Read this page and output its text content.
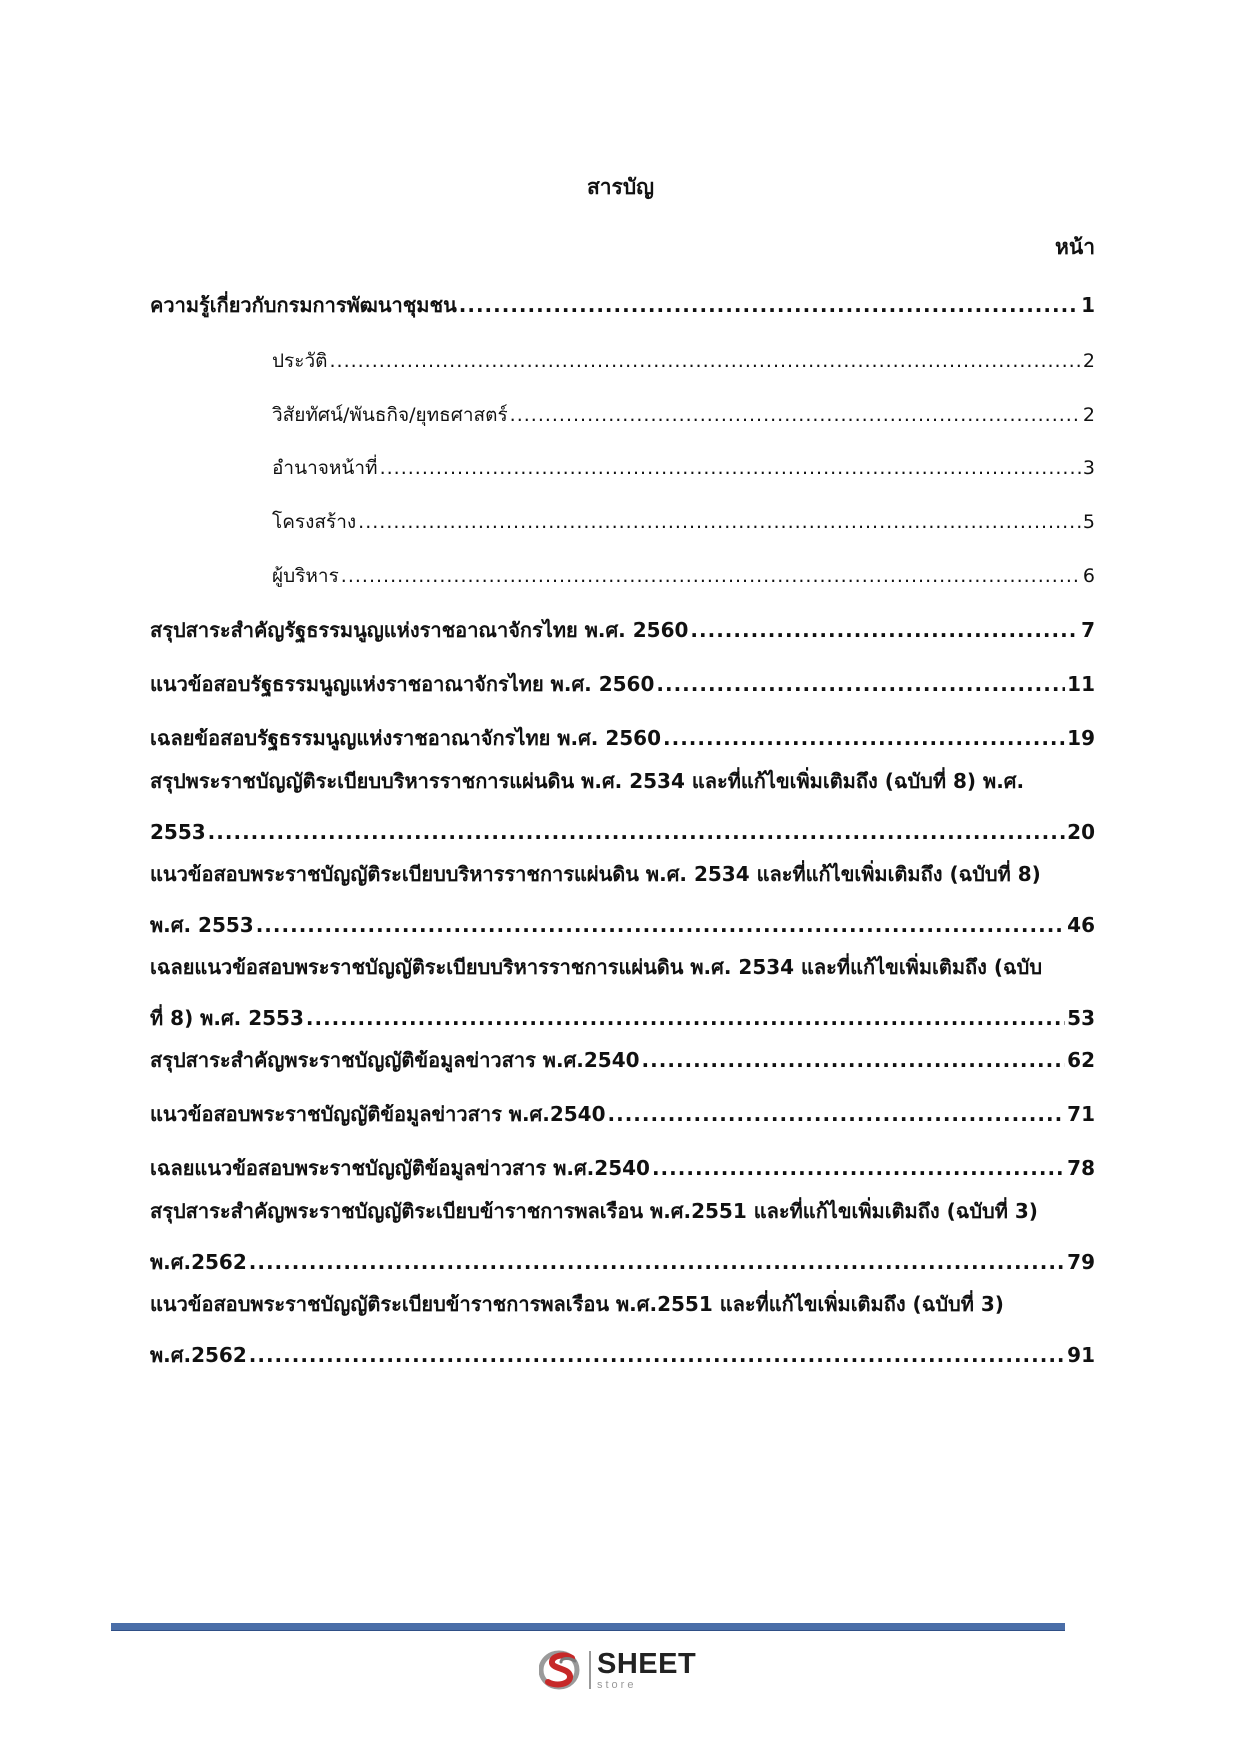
สารบัญ
หน้า
ความรู้เกี่ยวกับกรมการพัฒนาชุมชน .....	1
ประวัติ .....	2
วิสัยทัศน์/พันธกิจ/ยุทธศาสตร์ .....	2
อำนาจหน้าที่ .....	3
โครงสร้าง .....	5
ผู้บริหาร .....	6
สรุปสาระสำคัญรัฐธรรมนูญแห่งราชอาณาจักรไทย พ.ศ. 2560 .....	7
แนวข้อสอบรัฐธรรมนูญแห่งราชอาณาจักรไทย พ.ศ. 2560 .....	11
เฉลยข้อสอบรัฐธรรมนูญแห่งราชอาณาจักรไทย พ.ศ. 2560 .....	19
สรุปพระราชบัญญัติระเบียบบริหารราชการแผ่นดิน พ.ศ. 2534 และที่แก้ไขเพิ่มเติมถึง (ฉบับที่ 8) พ.ศ.
2553 .....	20
แนวข้อสอบพระราชบัญญัติระเบียบบริหารราชการแผ่นดิน พ.ศ. 2534 และที่แก้ไขเพิ่มเติมถึง (ฉบับที่ 8)
พ.ศ. 2553 .....	46
เฉลยแนวข้อสอบพระราชบัญญัติระเบียบบริหารราชการแผ่นดิน พ.ศ. 2534 และที่แก้ไขเพิ่มเติมถึง (ฉบับ
ที่ 8) พ.ศ. 2553 .....	53
สรุปสาระสำคัญพระราชบัญญัติข้อมูลข่าวสาร พ.ศ.2540 .....	62
แนวข้อสอบพระราชบัญญัติข้อมูลข่าวสาร พ.ศ.2540 .....	71
เฉลยแนวข้อสอบพระราชบัญญัติข้อมูลข่าวสาร พ.ศ.2540 .....	78
สรุปสาระสำคัญพระราชบัญญัติระเบียบข้าราชการพลเรือน พ.ศ.2551 และที่แก้ไขเพิ่มเติมถึง (ฉบับที่ 3)
พ.ศ.2562 .....	79
แนวข้อสอบพระราชบัญญัติระเบียบข้าราชการพลเรือน พ.ศ.2551 และที่แก้ไขเพิ่มเติมถึง (ฉบับที่ 3)
พ.ศ.2562 .....	91
SHEET
store
